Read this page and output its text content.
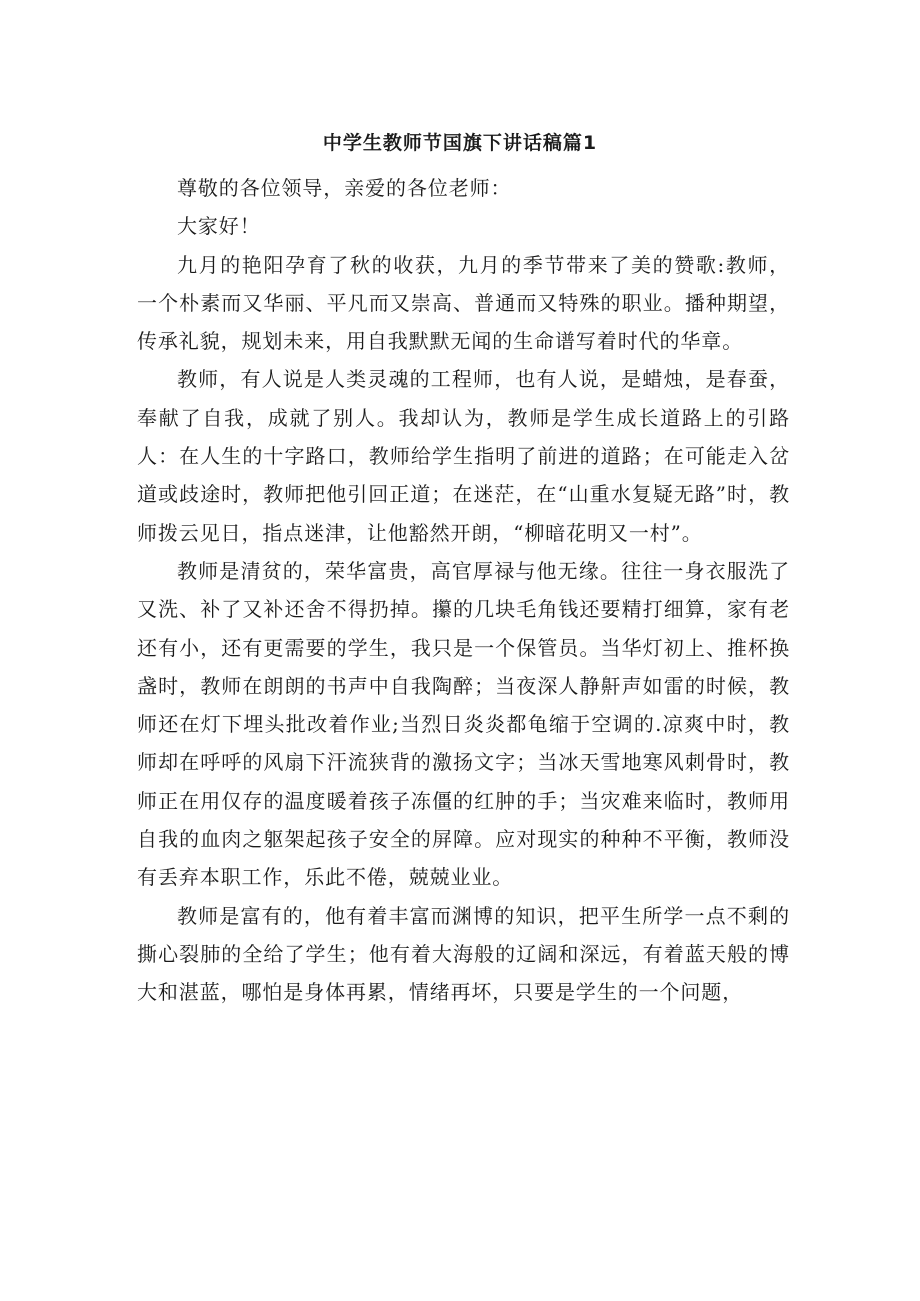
中学生教师节国旗下讲话稿篇1

尊敬的各位领导，亲爱的各位老师：

大家好！

九月的艳阳孕育了秋的收获，九月的季节带来了美的赞歌:教师，一个朴素而又华丽、平凡而又崇高、普通而又特殊的职业。播种期望，传承礼貌，规划未来，用自我默默无闻的生命谱写着时代的华章。

教师，有人说是人类灵魂的工程师，也有人说，是蜡烛，是春蚕，奉献了自我，成就了别人。我却认为，教师是学生成长道路上的引路人：在人生的十字路口，教师给学生指明了前进的道路；在可能走入岔道或歧途时，教师把他引回正道；在迷茫，在“山重水复疑无路”时，教师拨云见日，指点迷津，让他豁然开朗，“柳暗花明又一村”。

教师是清贫的，荣华富贵，高官厚禄与他无缘。往往一身衣服洗了又洗、补了又补还舍不得扔掉。攥的几块毛角钱还要精打细算，家有老还有小，还有更需要的学生，我只是一个保管员。当华灯初上、推杯换盏时，教师在朗朗的书声中自我陶醉；当夜深人静鼾声如雷的时候，教师还在灯下埋头批改着作业;当烈日炎炎都龟缩于空调的.凉爽中时，教师却在呼呼的风扇下汗流狭背的激扬文字；当冰天雪地寒风刺骨时，教师正在用仅存的温度暖着孩子冻僵的红肿的手；当灾难来临时，教师用自我的血肉之躯架起孩子安全的屏障。应对现实的种种不平衡，教师没有丢弃本职工作，乐此不倦，兢兢业业。

教师是富有的，他有着丰富而渊博的知识，把平生所学一点不剩的撕心裂肺的全给了学生；他有着大海般的辽阔和深远，有着蓝天般的博大和湛蓝，哪怕是身体再累，情绪再坏，只要是学生的一个问题，
